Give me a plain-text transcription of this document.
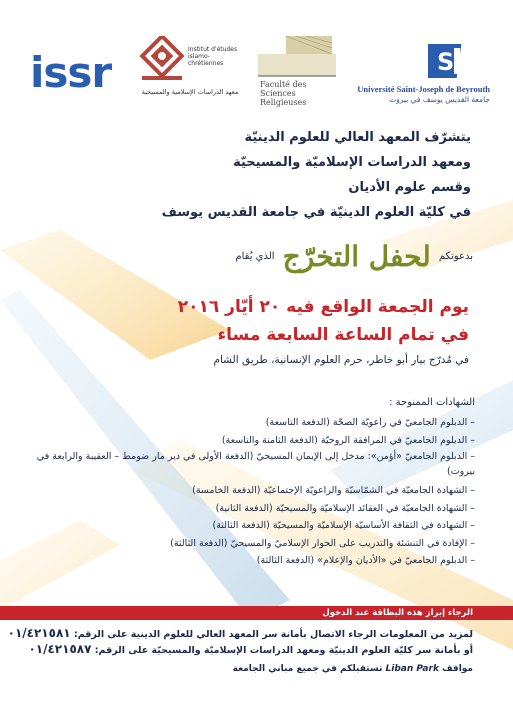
issr	Institut d'études islamo-chrétiennes
معهد الدراسات الإسلامية والمسيحية
Faculté des Sciences Religieuses
S
Université Saint-Joseph de Beyrouth
جامعة القديس يوسف في بيروت
يتشرّف المعهد العالي للعلوم الدينيّة
ومعهد الدراسات الإسلاميّة والمسيحيّة
وقسم علوم الأديان
في كليّة العلوم الدينيّة في جامعة القديس يوسف
بدعوتكم لحفل التخرّج الذي يُقام
يوم الجمعة الواقع فيه ٢٠ أيّار ٢٠١٦
في تمام الساعة السابعة مساء
في مُدرّج بيار أبو خاطر، حرم العلوم الإنسانية، طريق الشام
الشهادات الممنوحة :
– الدبلوم الجامعيّ في راعويّة الصحّة (الدفعة التاسعة)
– الدبلوم الجامعيّ في المرافقة الروحيّة (الدفعة الثامنة والتاسعة)
– الدبلوم الجامعيّ «أؤمن»: مدخل إلى الإيمان المسيحيّ (الدفعة الأولى في دير مار ضومط – العقيبة والرابعة في بيروت)
– الشهادة الجامعيّة في الشمّاسيّة والراعويّة الإجتماعيّة (الدفعة الخامسة)
– الشهادة الجامعيّة في العقائد الإسلاميّة والمسيحيّة (الدفعة الثانية)
– الشهادة في الثقافة الأساسيّة الإسلاميّة والمسيحيّة (الدفعة الثالثة)
– الإفادة في التنشئة والتدريب على الحوار الإسلاميّ والمسيحيّ (الدفعة الثالثة)
– الدبلوم الجامعيّ في «الأديان والإعلام» (الدفعة الثالثة)
الرجاء إبراز هذه البطاقة عند الدخول
لمزيد من المعلومات الرجاء الاتصال بأمانة سر المعهد العالي للعلوم الدينية على الرقم: ٠١/٤٢١٥٨١
أو بأمانة سر كليّة العلوم الدينيّة ومعهد الدراسات الإسلاميّة والمسيحيّة على الرقم: ٠١/٤٢١٥٨٧
مواقف Liban Park تستقبلكم في جميع مباني الجامعة
